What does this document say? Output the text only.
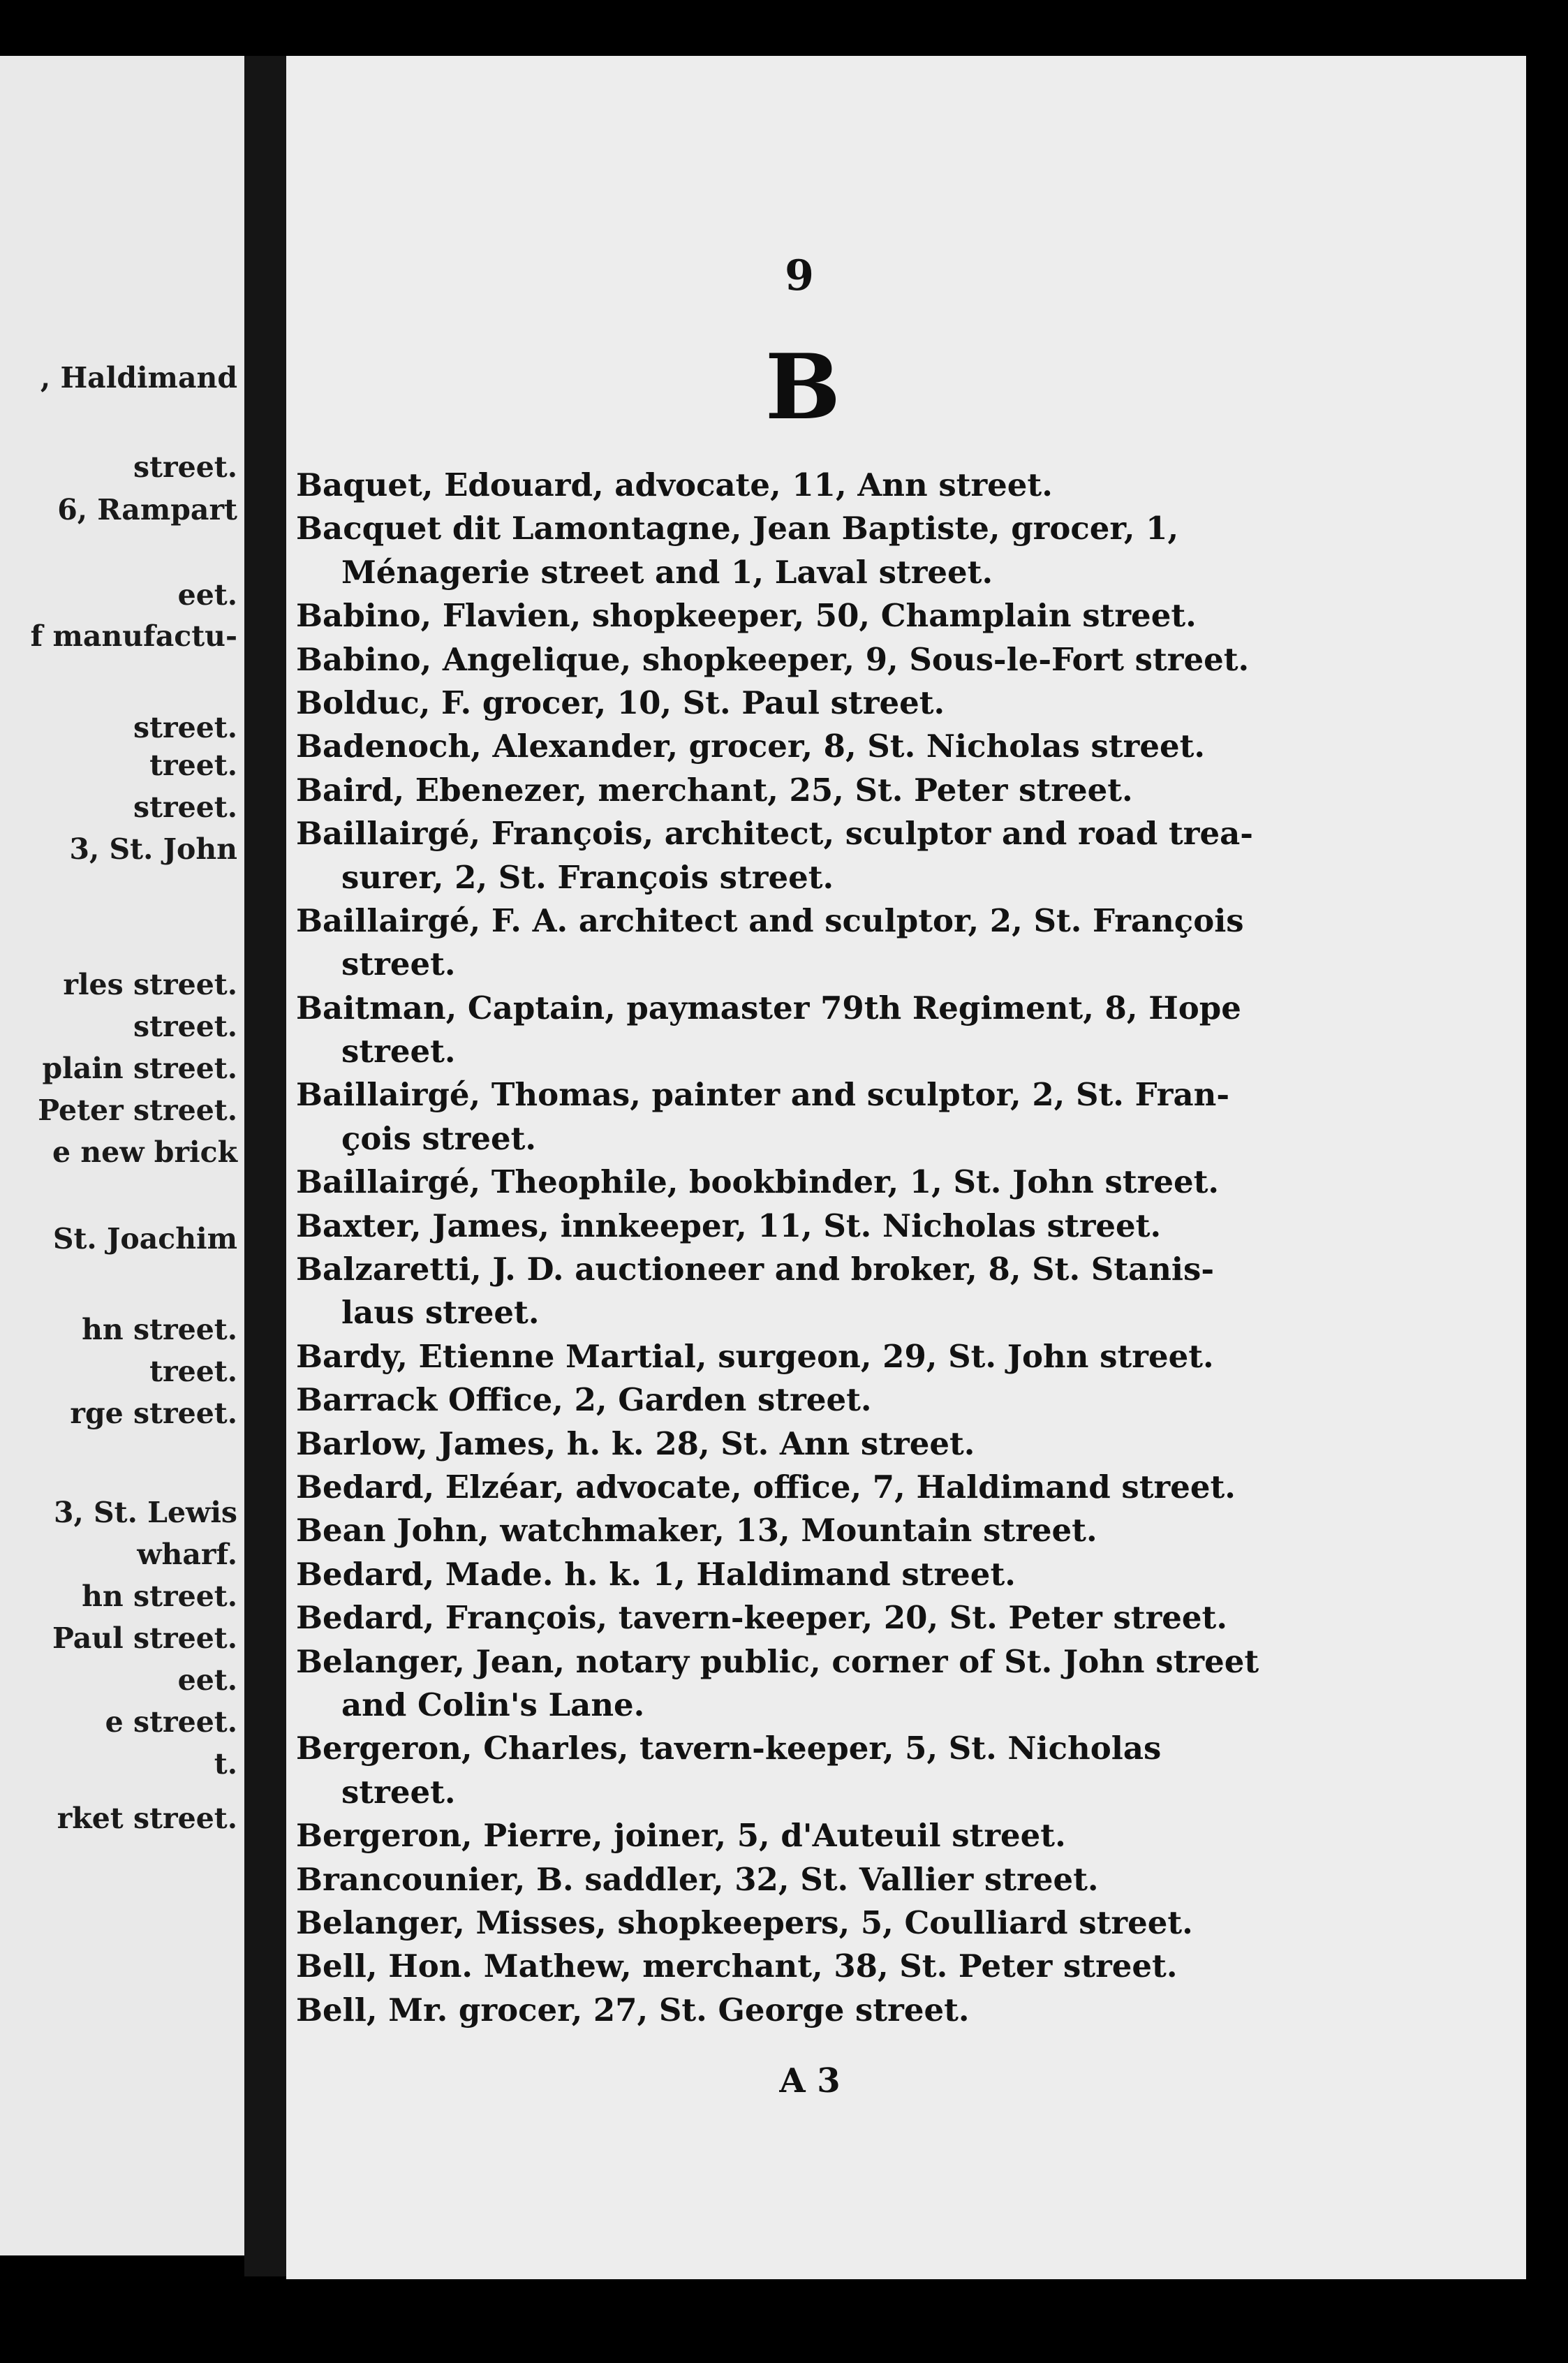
, Haldimand
street.
6, Rampart
eet.
f manufactu-
street.
treet.
street.
3, St. John
rles street.
street.
plain street.
Peter street.
e new brick
St. Joachim
hn street.
treet.
rge street.
3, St. Lewis
wharf.
hn street.
Paul street.
eet.
e street.
t.
rket street.
9
B
Baquet, Edouard, advocate, 11, Ann street.
Bacquet dit Lamontagne, Jean Baptiste, grocer, 1,
Ménagerie street and 1, Laval street.
Babino, Flavien, shopkeeper, 50, Champlain street.
Babino, Angelique, shopkeeper, 9, Sous-le-Fort street.
Bolduc, F. grocer, 10, St. Paul street.
Badenoch, Alexander, grocer, 8, St. Nicholas street.
Baird, Ebenezer, merchant, 25, St. Peter street.
Baillairgé, François, architect, sculptor and road trea-
surer, 2, St. François street.
Baillairgé, F. A. architect and sculptor, 2, St. François
street.
Baitman, Captain, paymaster 79th Regiment, 8, Hope
street.
Baillairgé, Thomas, painter and sculptor, 2, St. Fran-
çois street.
Baillairgé, Theophile, bookbinder, 1, St. John street.
Baxter, James, innkeeper, 11, St. Nicholas street.
Balzaretti, J. D. auctioneer and broker, 8, St. Stanis-
laus street.
Bardy, Etienne Martial, surgeon, 29, St. John street.
Barrack Office, 2, Garden street.
Barlow, James, h. k. 28, St. Ann street.
Bedard, Elzéar, advocate, office, 7, Haldimand street.
Bean John, watchmaker, 13, Mountain street.
Bedard, Made. h. k. 1, Haldimand street.
Bedard, François, tavern-keeper, 20, St. Peter street.
Belanger, Jean, notary public, corner of St. John street
and Colin's Lane.
Bergeron, Charles, tavern-keeper, 5, St. Nicholas
street.
Bergeron, Pierre, joiner, 5, d'Auteuil street.
Brancounier, B. saddler, 32, St. Vallier street.
Belanger, Misses, shopkeepers, 5, Coulliard street.
Bell, Hon. Mathew, merchant, 38, St. Peter street.
Bell, Mr. grocer, 27, St. George street.
A 3
